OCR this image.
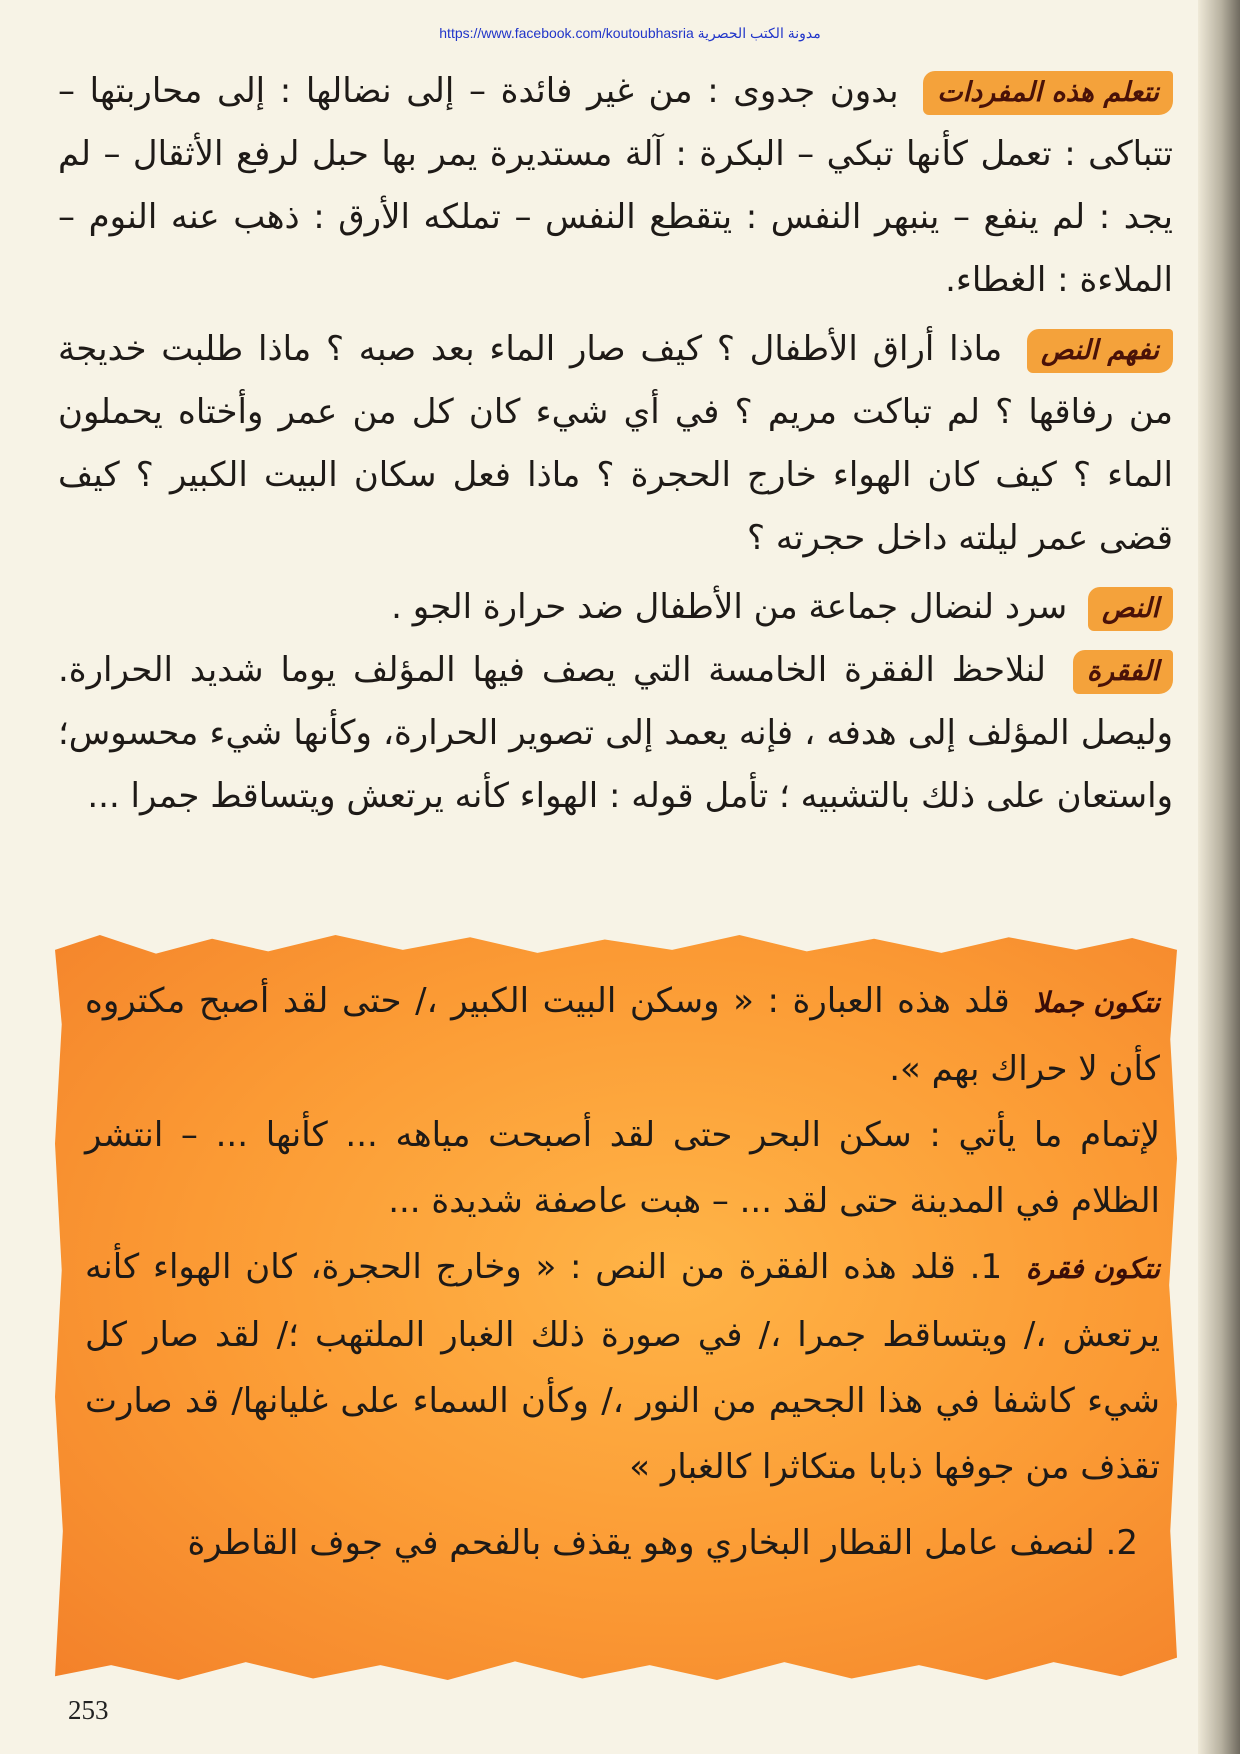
https://www.facebook.com/koutoubhasria مدونة الكتب الحصرية

نتعلم هذه المفردات بدون جدوى : من غير فائدة – إلى نضالها : إلى محاربتها – تتباكى : تعمل كأنها تبكي – البكرة : آلة مستديرة يمر بها حبل لرفع الأثقال – لم يجد : لم ينفع – ينبهر النفس : يتقطع النفس – تملكه الأرق : ذهب عنه النوم – الملاءة : الغطاء.

نفهم النص ماذا أراق الأطفال ؟ كيف صار الماء بعد صبه ؟ ماذا طلبت خديجة من رفاقها ؟ لم تباكت مريم ؟ في أي شيء كان كل من عمر وأختاه يحملون الماء ؟ كيف كان الهواء خارج الحجرة ؟ ماذا فعل سكان البيت الكبير ؟ كيف قضى عمر ليلته داخل حجرته ؟

النص سرد لنضال جماعة من الأطفال ضد حرارة الجو .

الفقرة لنلاحظ الفقرة الخامسة التي يصف فيها المؤلف يوما شديد الحرارة. وليصل المؤلف إلى هدفه ، فإنه يعمد إلى تصوير الحرارة، وكأنها شيء محسوس؛ واستعان على ذلك بالتشبيه ؛ تأمل قوله : الهواء كأنه يرتعش ويتساقط جمرا ...

نتكون جملا قلد هذه العبارة : « وسكن البيت الكبير ،/ حتى لقد أصبح مكتروه كأن لا حراك بهم ».

لإتمام ما يأتي : سكن البحر حتى لقد أصبحت مياهه ... كأنها ... – انتشر الظلام في المدينة حتى لقد ... – هبت عاصفة شديدة ...

نتكون فقرة 1. قلد هذه الفقرة من النص : « وخارج الحجرة، كان الهواء كأنه يرتعش ،/ ويتساقط جمرا ،/ في صورة ذلك الغبار الملتهب ؛/ لقد صار كل شيء كاشفا في هذا الجحيم من النور ،/ وكأن السماء على غليانها/ قد صارت تقذف من جوفها ذبابا متكاثرا كالغبار »

2. لنصف عامل القطار البخاري وهو يقذف بالفحم في جوف القاطرة

253
